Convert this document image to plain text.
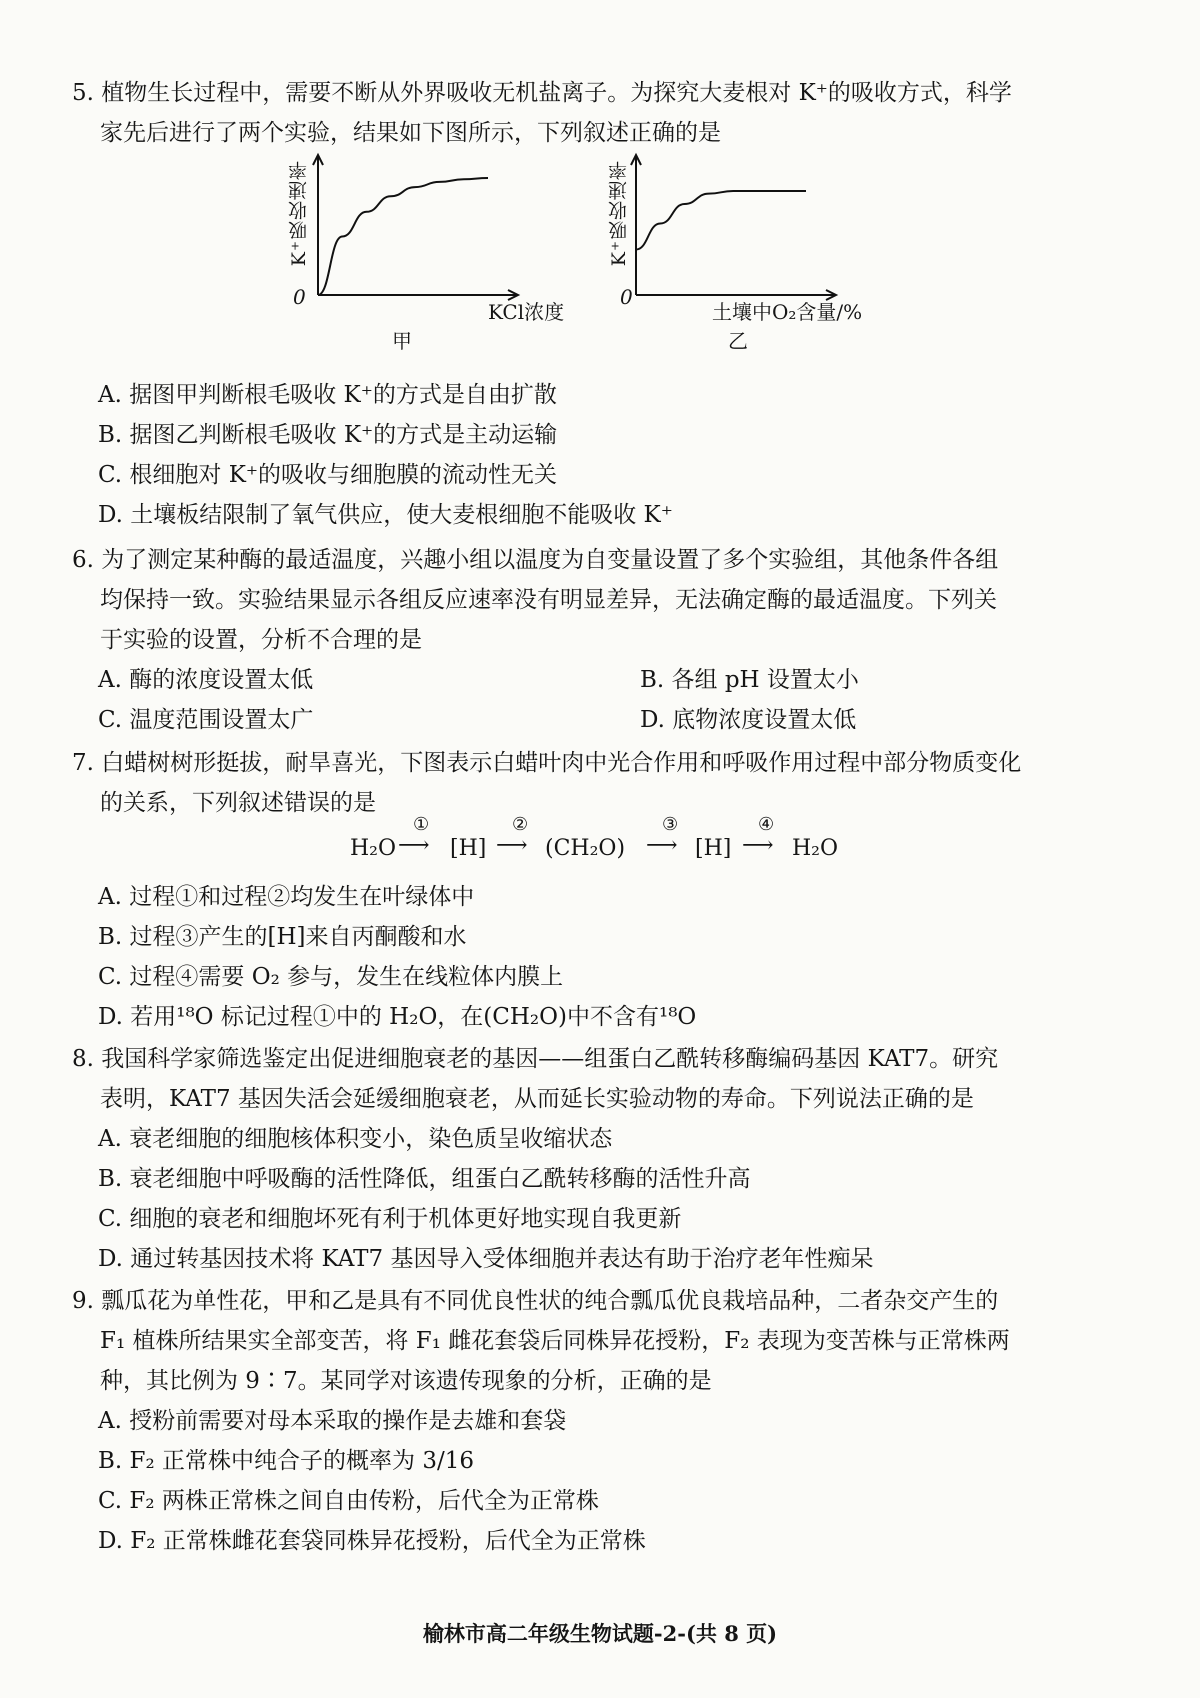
5. 植物生长过程中，需要不断从外界吸收无机盐离子。为探究大麦根对 K⁺的吸收方式，科学
家先后进行了两个实验，结果如下图所示，下列叙述正确的是
K⁺吸收速率
0
KCl浓度
甲
K⁺吸收速率
0
土壤中O₂含量/%
乙
A. 据图甲判断根毛吸收 K⁺的方式是自由扩散
B. 据图乙判断根毛吸收 K⁺的方式是主动运输
C. 根细胞对 K⁺的吸收与细胞膜的流动性无关
D. 土壤板结限制了氧气供应，使大麦根细胞不能吸收 K⁺
6. 为了测定某种酶的最适温度，兴趣小组以温度为自变量设置了多个实验组，其他条件各组
均保持一致。实验结果显示各组反应速率没有明显差异，无法确定酶的最适温度。下列关
于实验的设置，分析不合理的是
A. 酶的浓度设置太低	B. 各组 pH 设置太小
C. 温度范围设置太广	D. 底物浓度设置太低
7. 白蜡树树形挺拔，耐旱喜光，下图表示白蜡叶肉中光合作用和呼吸作用过程中部分物质变化
的关系，下列叙述错误的是
H₂O
①
⟶ [H]
②
⟶ (CH₂O)
③
⟶ [H]
④
⟶ H₂O
A. 过程①和过程②均发生在叶绿体中
B. 过程③产生的[H]来自丙酮酸和水
C. 过程④需要 O₂ 参与，发生在线粒体内膜上
D. 若用¹⁸O 标记过程①中的 H₂O，在(CH₂O)中不含有¹⁸O
8. 我国科学家筛选鉴定出促进细胞衰老的基因——组蛋白乙酰转移酶编码基因 KAT7。研究
表明，KAT7 基因失活会延缓细胞衰老，从而延长实验动物的寿命。下列说法正确的是
A. 衰老细胞的细胞核体积变小，染色质呈收缩状态
B. 衰老细胞中呼吸酶的活性降低，组蛋白乙酰转移酶的活性升高
C. 细胞的衰老和细胞坏死有利于机体更好地实现自我更新
D. 通过转基因技术将 KAT7 基因导入受体细胞并表达有助于治疗老年性痴呆
9. 瓢瓜花为单性花，甲和乙是具有不同优良性状的纯合瓢瓜优良栽培品种，二者杂交产生的
F₁ 植株所结果实全部变苦，将 F₁ 雌花套袋后同株异花授粉，F₂ 表现为变苦株与正常株两
种，其比例为 9∶7。某同学对该遗传现象的分析，正确的是
A. 授粉前需要对母本采取的操作是去雄和套袋
B. F₂ 正常株中纯合子的概率为 3/16
C. F₂ 两株正常株之间自由传粉，后代全为正常株
D. F₂ 正常株雌花套袋同株异花授粉，后代全为正常株
榆林市高二年级生物试题-2-(共 8 页)
